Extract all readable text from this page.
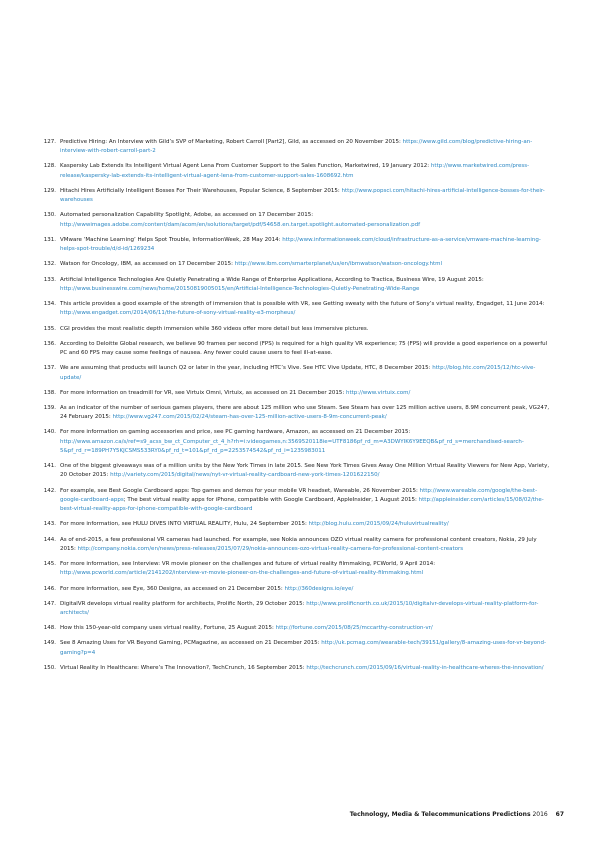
127. Predictive Hiring: An Interview with Gild’s SVP of Marketing, Robert Carroll [Part2], Gild, as accessed on 20 November 2015: https://www.gild.com/blog/predictive-hiring-an-interview-with-robert-carroll-part-2
128. Kaspersky Lab Extends Its Intelligent Virtual Agent Lena From Customer Support to the Sales Function, Marketwired, 19 January 2012: http://www.marketwired.com/press-release/kaspersky-lab-extends-its-intelligent-virtual-agent-lena-from-customer-support-sales-1608692.htm
129. Hitachi Hires Artificially Intelligent Bosses For Their Warehouses, Popular Science, 8 September 2015: http://www.popsci.com/hitachi-hires-artificial-intelligence-bosses-for-their-warehouses
130. Automated personalization Capability Spotlight, Adobe, as accessed on 17 December 2015: http://wwwimages.adobe.com/content/dam/acom/en/solutions/target/pdf/54658.en.target.spotlight.automated-personalization.pdf
131. VMware ‘Machine Learning’ Helps Spot Trouble, InformationWeek, 28 May 2014: http://www.informationweek.com/cloud/infrastructure-as-a-service/vmware-machine-learning-helps-spot-trouble/d/d-id/1269234
132. Watson for Oncology, IBM, as accessed on 17 December 2015: http://www.ibm.com/smarterplanet/us/en/ibmwatson/watson-oncology.html
133. Artificial Intelligence Technologies Are Quietly Penetrating a Wide Range of Enterprise Applications, According to Tractica, Business Wire, 19 August 2015: http://www.businesswire.com/news/home/20150819005015/en/Artificial-Intelligence-Technologies-Quietly-Penetrating-Wide-Range
134. This article provides a good example of the strength of immersion that is possible with VR, see Getting sweaty with the future of Sony’s virtual reality, Engadget, 11 June 2014: http://www.engadget.com/2014/06/11/the-future-of-sony-virtual-reality-e3-morpheus/
135. CGI provides the most realistic depth immersion while 360 videos offer more detail but less immersive pictures.
136. According to Deloitte Global research, we believe 90 frames per second (FPS) is required for a high quality VR experience; 75 (FPS) will provide a good experience on a powerful PC and 60 FPS may cause some feelings of nausea. Any fewer could cause users to feel ill-at-ease.
137. We are assuming that products will launch Q2 or later in the year, including HTC’s Vive. See HTC Vive Update, HTC, 8 December 2015: http://blog.htc.com/2015/12/htc-vive-update/
138. For more information on treadmill for VR, see Virtuix Omni, Virtuix, as accessed on 21 December 2015: http://www.virtuix.com/
139. As an indicator of the number of serious games players, there are about 125 million who use Steam. See Steam has over 125 million active users, 8.9M concurrent peak, VG247, 24 February 2015: http://www.vg247.com/2015/02/24/steam-has-over-125-million-active-users-8-9m-concurrent-peak/
140. For more information on gaming accessories and price, see PC gaming hardware, Amazon, as accessed on 21 December 2015: http://www.amazon.ca/s/ref=s9_acss_bw_ct_Computer_ct_4_h?rh=i:videogames,n:3569520118ie=UTF8186pf_rd_m=A3DWYIK6Y9EEQB&pf_rd_s=merchandised-search-5&pf_rd_r=189PH7Y5KJCSMS533RY0&pf_rd_t=101&pf_rd_p=2253574542&pf_rd_i=1235983011
141. One of the biggest giveaways was of a million units by the New York Times in late 2015. See New York Times Gives Away One Million Virtual Reality Viewers for New App, Variety, 20 October 2015: http://variety.com/2015/digital/news/nyt-vr-virtual-reality-cardboard-new-york-times-1201622150/
142. For example, see Best Google Cardboard apps: Top games and demos for your mobile VR headset, Wareable, 26 November 2015: http://www.wareable.com/google/the-best-google-cardboard-apps; The best virtual reality apps for iPhone, compatible with Google Cardboard, AppleInsider, 1 August 2015: http://appleinsider.com/articles/15/08/02/the-best-virtual-reality-apps-for-iphone-compatible-with-google-cardboard
143. For more information, see HULU DIVES INTO VIRTUAL REALITY, Hulu, 24 September 2015: http://blog.hulu.com/2015/09/24/huluvirtualreality/
144. As of end-2015, a few professional VR cameras had launched. For example, see Nokia announces OZO virtual reality camera for professional content creators, Nokia, 29 July 2015: http://company.nokia.com/en/news/press-releases/2015/07/29/nokia-announces-ozo-virtual-reality-camera-for-professional-content-creators
145. For more information, see Interview: VR movie pioneer on the challenges and future of virtual reality filmmaking, PCWorld, 9 April 2014: http://www.pcworld.com/article/2141202/interview-vr-movie-pioneer-on-the-challenges-and-future-of-virtual-reality-filmmaking.html
146. For more information, see Eye, 360 Designs, as accessed on 21 December 2015: http://360designs.io/eye/
147. DigitalVR develops virtual reality platform for architects, Prolific North, 29 October 2015: http://www.prolificnorth.co.uk/2015/10/digitalvr-develops-virtual-reality-platform-for-architects/
148. How this 150-year-old company uses virtual reality, Fortune, 25 August 2015: http://fortune.com/2015/08/25/mccarthy-construction-vr/
149. See 8 Amazing Uses for VR Beyond Gaming, PCMagazine, as accessed on 21 December 2015: http://uk.pcmag.com/wearable-tech/39151/gallery/8-amazing-uses-for-vr-beyond-gaming?p=4
150. Virtual Reality In Healthcare: Where’s The Innovation?, TechCrunch, 16 September 2015: http://techcrunch.com/2015/09/16/virtual-reality-in-healthcare-wheres-the-innovation/
Technology, Media & Telecommunications Predictions 2016 67
